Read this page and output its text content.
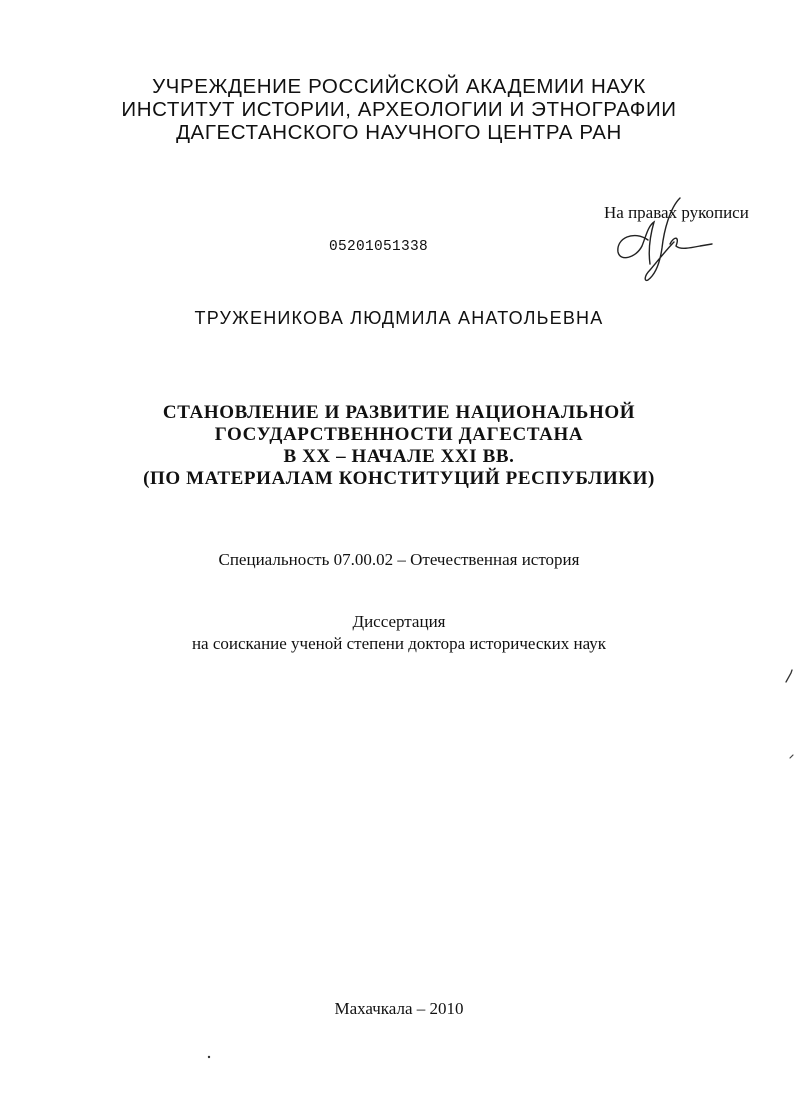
УЧРЕЖДЕНИЕ РОССИЙСКОЙ АКАДЕМИИ НАУК

ИНСТИТУТ ИСТОРИИ, АРХЕОЛОГИИ И ЭТНОГРАФИИ

ДАГЕСТАНСКОГО НАУЧНОГО ЦЕНТРА РАН

На правах рукописи

05201051338

ТРУЖЕНИКОВА ЛЮДМИЛА АНАТОЛЬЕВНА

СТАНОВЛЕНИЕ И РАЗВИТИЕ НАЦИОНАЛЬНОЙ

ГОСУДАРСТВЕННОСТИ ДАГЕСТАНА

В XX – НАЧАЛЕ XXI ВВ.

(ПО МАТЕРИАЛАМ КОНСТИТУЦИЙ РЕСПУБЛИКИ)

Специальность 07.00.02 – Отечественная история

Диссертация

на соискание ученой степени доктора исторических наук

Махачкала – 2010
